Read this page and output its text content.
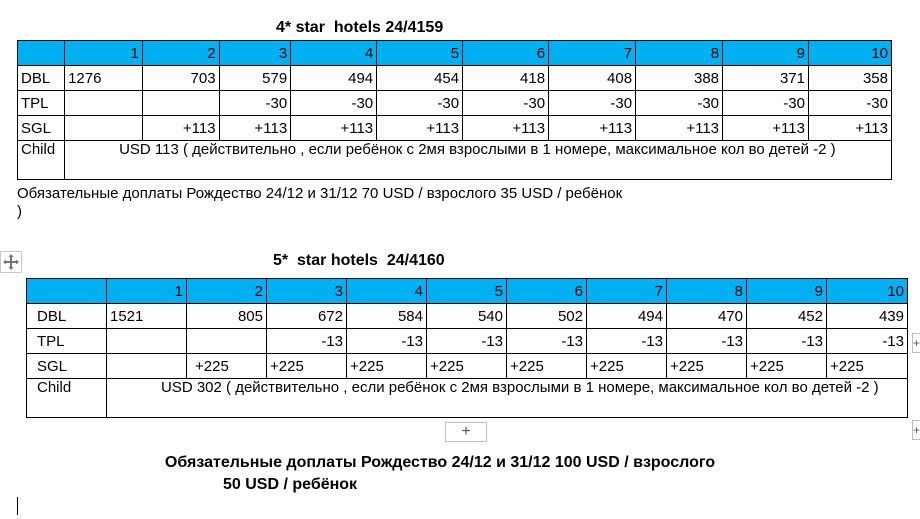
4* star  hotels 24/4159
	1	2	3	4	5	6	7	8	9	10
DBL	1276	703	579	494	454	418	408	388	371	358
TPL			-30	-30	-30	-30	-30	-30	-30	-30
SGL		+113	+113	+113	+113	+113	+113	+113	+113	+113
Child	USD 113 ( действительно , если ребёнок с 2мя взрослыми в 1 номере, максимальное кол во детей -2 )									
Обязательные доплаты Рождество 24/12 и 31/12 70 USD / взрослого 35 USD / ребёнок
)
5*  star hotels  24/4160
	1	2	3	4	5	6	7	8	9	10
DBL	1521	805	672	584	540	502	494	470	452	439
TPL			-13	-13	-13	-13	-13	-13	-13	-13
SGL		+225	+225	+225	+225	+225	+225	+225	+225	+225
Child	USD 302 ( действительно , если ребёнок с 2мя взрослыми в 1 номере, максимальное кол во детей -2 )									
+
+
+
Обязательные доплаты Рождество 24/12 и 31/12 100 USD / взрослого
50 USD / ребёнок
